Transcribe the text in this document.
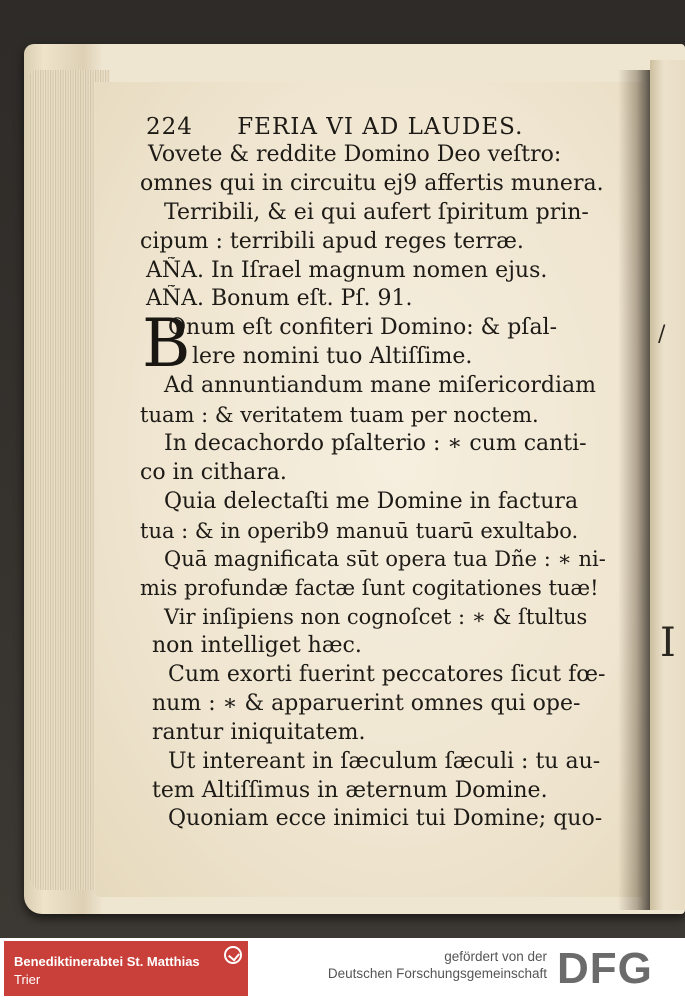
/
I
224 FERIA VI AD LAUDES.
Vovete & reddite Domino Deo veſtro:
omnes qui in circuitu ej9 affertis munera.
Terribili, & ei qui aufert ſpiritum prin-
cipum : terribili apud reges terræ.
AÑA. In Iſrael magnum nomen ejus.
AÑA. Bonum eſt. Pſ. 91.
B
Onum eſt confiteri Domino: & pſal-
lere nomini tuo Altiſſime.
Ad annuntiandum mane miſericordiam
tuam : & veritatem tuam per noctem.
In decachordo pſalterio : ∗ cum canti-
co in cithara.
Quia delectaſti me Domine in factura
tua : & in operib9 manuū tuarū exultabo.
Quā magnificata sūt opera tua Dñe : ∗ ni-
mis profundæ factæ ſunt cogitationes tuæ!
Vir inſipiens non cognoſcet : ∗ & ſtultus
non intelliget hæc.
Cum exorti fuerint peccatores ſicut fœ-
num : ∗ & apparuerint omnes qui ope-
rantur iniquitatem.
Ut intereant in ſæculum ſæculi : tu au-
tem Altiſſimus in æternum Domine.
Quoniam ecce inimici tui Domine; quo-
Benediktinerabtei St. Matthias
Trier
gefördert von der
Deutschen Forschungsgemeinschaft DFG
